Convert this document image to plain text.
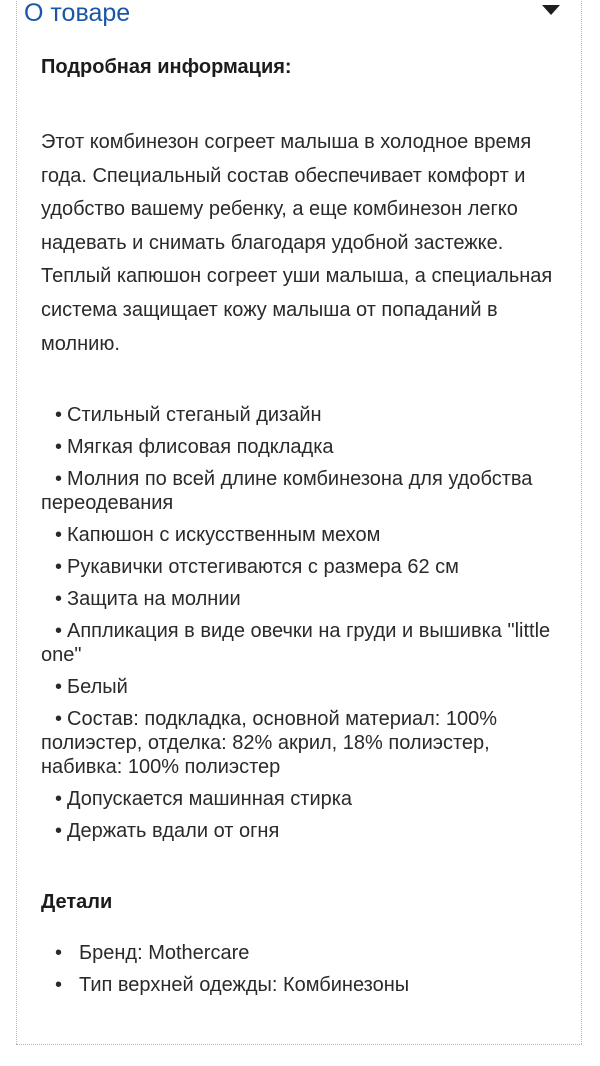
О товаре

Подробная информация:

Этот комбинезон согреет малыша в холодное время года. Специальный состав обеспечивает комфорт и удобство вашему ребенку, а еще комбинезон легко надевать и снимать благодаря удобной застежке. Теплый капюшон согреет уши малыша, а специальная система защищает кожу малыша от попаданий в молнию.

• Стильный стеганый дизайн
• Мягкая флисовая подкладка
• Молния по всей длине комбинезона для удобства переодевания
• Капюшон с искусственным мехом
• Рукавички отстегиваются с размера 62 см
• Защита на молнии
• Аппликация в виде овечки на груди и вышивка "little one"
• Белый
• Состав: подкладка, основной материал: 100% полиэстер, отделка: 82% акрил, 18% полиэстер, набивка: 100% полиэстер
• Допускается машинная стирка
• Держать вдали от огня

Детали

• Бренд: Mothercare
• Тип верхней одежды: Комбинезоны
